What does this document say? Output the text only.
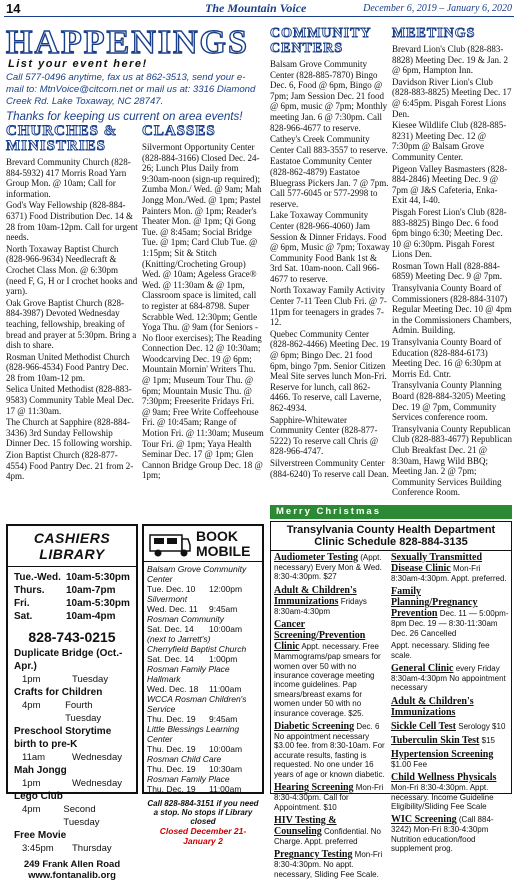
14	The Mountain Voice	December 6, 2019 – January 6, 2020
HAPPENINGS
List your event here!
Call 577-0496 anytime, fax us at 862-3513, send your e-mail to: MtnVoice@citcom.net or mail us at: 3316 Diamond Creek Rd. Lake Toxaway, NC 28747.
Thanks for keeping us current on area events!
CHURCHES & MINISTRIES

Brevard Community Church (828-884-5932) 417 Morris Road Yarn Group Mon. @ 10am; Call for information.

God's Way Fellowship (828-884-6371) Food Distribution Dec. 14 & 28 from 10am-12pm. Call for urgent needs.

North Toxaway Baptist Church (828-966-9634) Needlecraft & Crochet Class Mon. @ 6:30pm (need F, G, H or I crochet hooks and yarn).

Oak Grove Baptist Church (828-884-3987) Devoted Wednesday teaching, fellowship, breaking of bread and prayer at 5:30pm. Bring a dish to share.

Rosman United Methodist Church (828-966-4534) Food Pantry Dec. 28 from 10am-12 pm.

Selica United Methodist (828-883-9583) Community Table Meal Dec. 17 @ 11:30am.

The Church at Sapphire (828-884-3436) 3rd Sunday Fellowship Dinner Dec. 15 following worship.

Zion Baptist Church (828-877-4554) Food Pantry Dec. 21 from 2-4pm.

CLASSES
Silvermont Opportunity Center (828-884-3166) Closed Dec. 24-26; Lunch Plus Daily from 9:30am-noon (sign-up required); Zumba Mon./ Wed. @ 9am; Mah Jongg Mon./Wed. @ 1pm; Pastel Painters Mon. @ 1pm; Reader's Theater Mon. @ 1pm; Qi Gong Tue. @ 8:45am; Social Bridge Tue. @ 1pm; Card Club Tue. @ 1:15pm; Sit & Stitch (Knitting/Crocheting Group) Wed. @ 10am; Ageless Grace® Wed. @ 11:30am & @ 1pm, Classroom space is limited, call to register at 684-8798. Super Scrabble Wed. 12:30pm; Gentle Yoga Thu. @ 9am (for Seniors -No floor exercises); The Reading Connection Dec. 12 @ 10:30am; Woodcarving Dec. 19 @ 6pm; Mountain Mornin' Writers Thu. @ 1pm; Museum Tour Thu. @ 6pm; Mountain Music Thu. @ 7:30pm; Freeserite Fridays Fri. @ 9am; Free Write Coffeehouse Fri. @ 10:45am; Range of Motion Fri. @ 11:30am; Museum Tour Fri. @ 1pm; Yaya Health Seminar Dec. 17 @ 1pm; Glen Cannon Bridge Group Dec. 18 @ 1pm;
COMMUNITY CENTERS

Balsam Grove Community Center (828-885-7870) Bingo Dec. 6, Food @ 6pm, Bingo @ 7pm; Jam Session Dec. 21 food @ 6pm, music @ 7pm; Monthly meeting Jan. 6 @ 7:30pm. Call 828-966-4677 to reserve.

Cathey's Creek Community Center Call 883-3557 to reserve.

Eastatoe Community Center (828-862-4879) Eastatoe Bluegrass Pickers Jan. 7 @ 7pm. Call 577-6045 or 577-2998 to reserve.

Lake Toxaway Community Center (828-966-4060) Jam Session & Dinner Fridays. Food @ 6pm, Music @ 7pm; Toxaway Community Food Bank 1st & 3rd Sat. 10am-noon. Call 966-4677 to reserve.

North Toxaway Family Activity Center 7-11 Teen Club Fri. @ 7-11pm for teenagers in grades 7-12.

Quebec Community Center (828-862-4466) Meeting Dec. 19 @ 6pm; Bingo Dec. 21 food 6pm, bingo 7pm. Senior Citizen Meal Site serves lunch Mon-Fri. Reserve for lunch, call 862-4466. To reserve, call Laverne, 862-4934.

Sapphire-Whitewater Community Center (828-877-5222) To reserve call Chris @ 828-966-4747.

Silverstreen Community Center (884-6240) To reserve call Dean.

MEETINGS

Brevard Lion's Club (828-883-8828) Meeting Dec. 19 & Jan. 2 @ 6pm, Hampton Inn.

Davidson River Lion's Club (828-883-8825) Meeting Dec. 17 @ 6:45pm. Pisgah Forest Lions Den.

Kiesee Wildlife Club (828-885-8231) Meeting Dec. 12 @ 7:30pm @ Balsam Grove Community Center.

Pigeon Valley Basmasters (828-884-2846) Meeting Dec. 9 @ 7pm @ J&S Cafeteria, Enka-Exit 44, I-40.

Pisgah Forest Lion's Club (828-883-8825) Bingo Dec. 6 food 6pm bingo 6:30; Meeting Dec. 10 @ 6:30pm. Pisgah Forest Lions Den.

Rosman Town Hall (828-884-6859) Meeting Dec. 9 @ 7pm.

Transylvania County Board of Commissioners (828-884-3107) Regular Meeting Dec. 10 @ 4pm in the Commissioners Chambers, Admin. Building.

Transylvania County Board of Education (828-884-6173) Meeting Dec. 16 @ 6:30pm at Morris Ed. Cntr.

Transylvania County Planning Board (828-884-3205) Meeting Dec. 19 @ 7pm, Community Services conference room.

Transylvania County Republican Club (828-883-4677) Republican Club Breakfast Dec. 21 @ 8:30am, Hawg Wild BBQ; Meeting Jan. 2 @ 7pm; Community Services Building Conference Room.

CASHIERS LIBRARY
Tue.-Wed. 10am-5:30pm
Thurs.	10am-7pm
Fri.	10am-5:30pm
Sat.	10am-4pm
828-743-0215
Duplicate Bridge (Oct.-Apr.)
1pm	Tuesday
Crafts for Children
4pm	Fourth Tuesday
Preschool Storytime birth to pre-K
11am	Wednesday
Mah Jongg
1pm	Wednesday
Lego Club
4pm	Second Tuesday
Free Movie
3:45pm	Thursday
249 Frank Allen Road
www.fontanalib.org
BOOK
MOBILE
Balsam Grove Community Center
Tue. Dec. 10	12:00pm
Silvermont
Wed. Dec. 11	9:45am
Rosman Community
Sat. Dec. 14	10:00am
(next to Jarrett's)
Cherryfield Baptist Church
Sat. Dec. 14	1:00pm
Rosman Family Place Hallmark
Wed. Dec. 18	11:00am
WCCA Rosman Children's Service
Thu. Dec. 19	9:45am
Little Blessings Learning Center
Thu. Dec. 19	10:00am
Rosman Child Care
Thu. Dec. 19	10:30am
Rosman Family Place
Thu. Dec. 19	11:00am
Call 828-884-3151 if you need a stop. No stops if Library closed
Closed December 21-January 2
Merry Christmas
Transylvania County Health Department Clinic Schedule 828-884-3135
Audiometer Testing (Appt. necessary) Every Mon & Wed. 8:30-4:30pm. $27
Adult & Children's Immunizations Fridays 8:30am-4:30pm
Cancer Screening/Prevention Clinic Appt. necessary. Free Mammograms/pap smears for women over 50 with no insurance coverage meeting income guidelines. Pap smears/breast exams for women under 50 with no insurance coverage. $25.
Diabetic Screening Dec. 6 No appointment necessary $3.00 fee. from 8:30-10am. For accurate results, fasting is requested. No one under 16 years of age or known diabetic.
Hearing Screening Mon-Fri 8:30-4:30pm. Call for Appointment. $10
HIV Testing & Counseling Confidential. No Charge. Appt. preferred
Pregnancy Testing Mon-Fri 8:30-4:30pm. No appt. necessary, Sliding Fee Scale.
Sexually Transmitted Disease Clinic Mon-Fri 8:30am-4:30pm. Appt. preferred.
Family Planning/Pregnancy Prevention Dec. 11 — 5:00pm-8pm Dec. 19 — 8:30-11:30am Dec. 26 Cancelled
Appt. necessary. Sliding fee scale.
General Clinic every Friday 8:30am-4:30pm No appointment necessary
Adult & Children's Immunizations
Sickle Cell Test Serology $10
Tuberculin Skin Test $15
Hypertension Screening $1.00 Fee
Child Wellness Physicals Mon-Fri 8:30-4:30pm. Appt. necessary. Income Guideline Eligibility/Sliding Fee Scale
WIC Screening (Call 884-3242) Mon-Fri 8:30-4:30pm Nutrition education/food supplement prog.
